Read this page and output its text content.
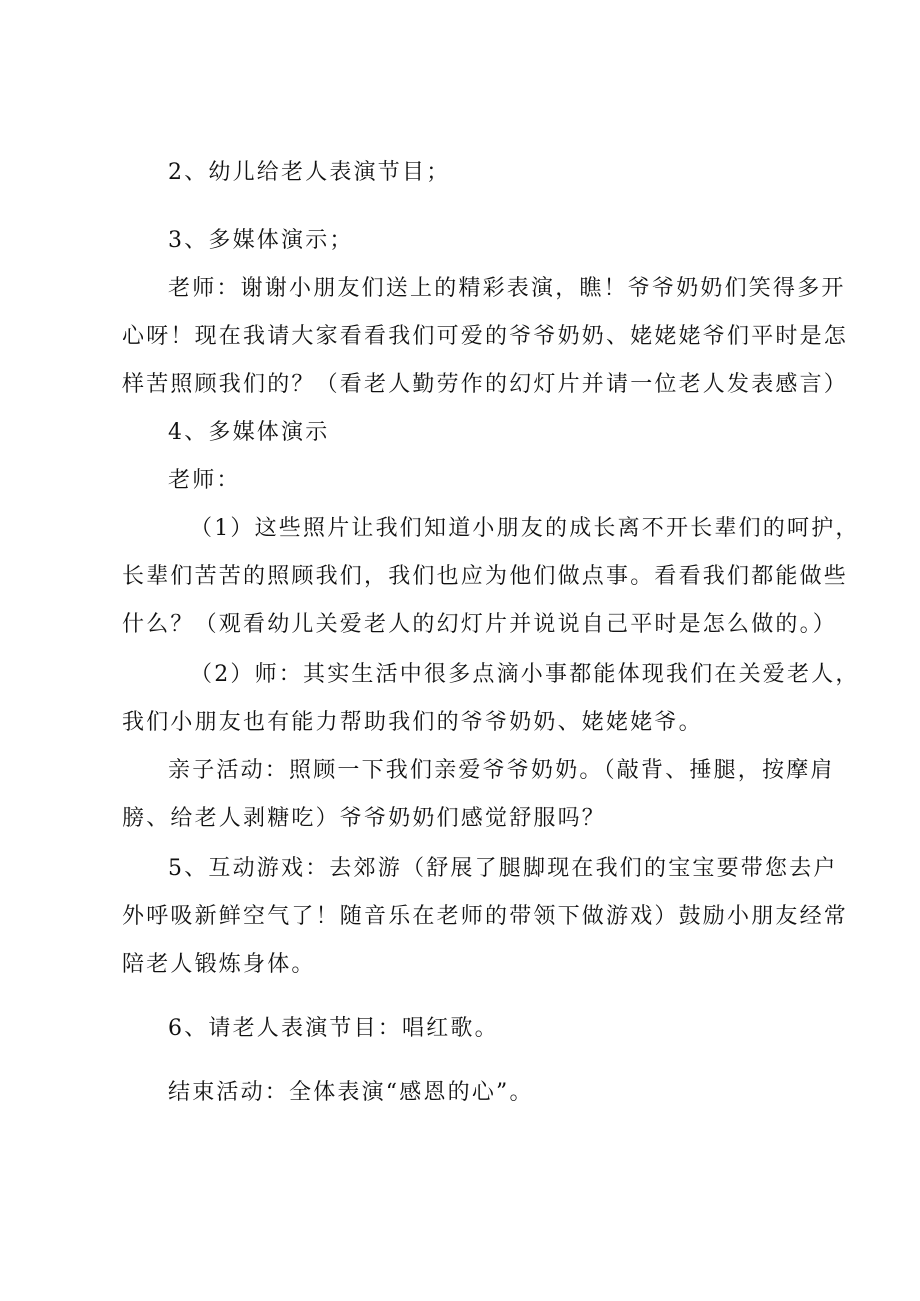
2、幼儿给老人表演节目；
3、多媒体演示；
老师：谢谢小朋友们送上的精彩表演，瞧！爷爷奶奶们笑得多开
心呀！现在我请大家看看我们可爱的爷爷奶奶、姥姥姥爷们平时是怎
样苦照顾我们的？（看老人勤劳作的幻灯片并请一位老人发表感言）
4、多媒体演示
老师：
（1）这些照片让我们知道小朋友的成长离不开长辈们的呵护，
长辈们苦苦的照顾我们，我们也应为他们做点事。看看我们都能做些
什么？（观看幼儿关爱老人的幻灯片并说说自己平时是怎么做的。）
（2）师：其实生活中很多点滴小事都能体现我们在关爱老人，
我们小朋友也有能力帮助我们的爷爷奶奶、姥姥姥爷。
亲子活动：照顾一下我们亲爱爷爷奶奶。（敲背、捶腿，按摩肩
膀、给老人剥糖吃）爷爷奶奶们感觉舒服吗？
5、互动游戏：去郊游（舒展了腿脚现在我们的宝宝要带您去户
外呼吸新鲜空气了！随音乐在老师的带领下做游戏）鼓励小朋友经常
陪老人锻炼身体。
6、请老人表演节目：唱红歌。
结束活动：全体表演“感恩的心”。
